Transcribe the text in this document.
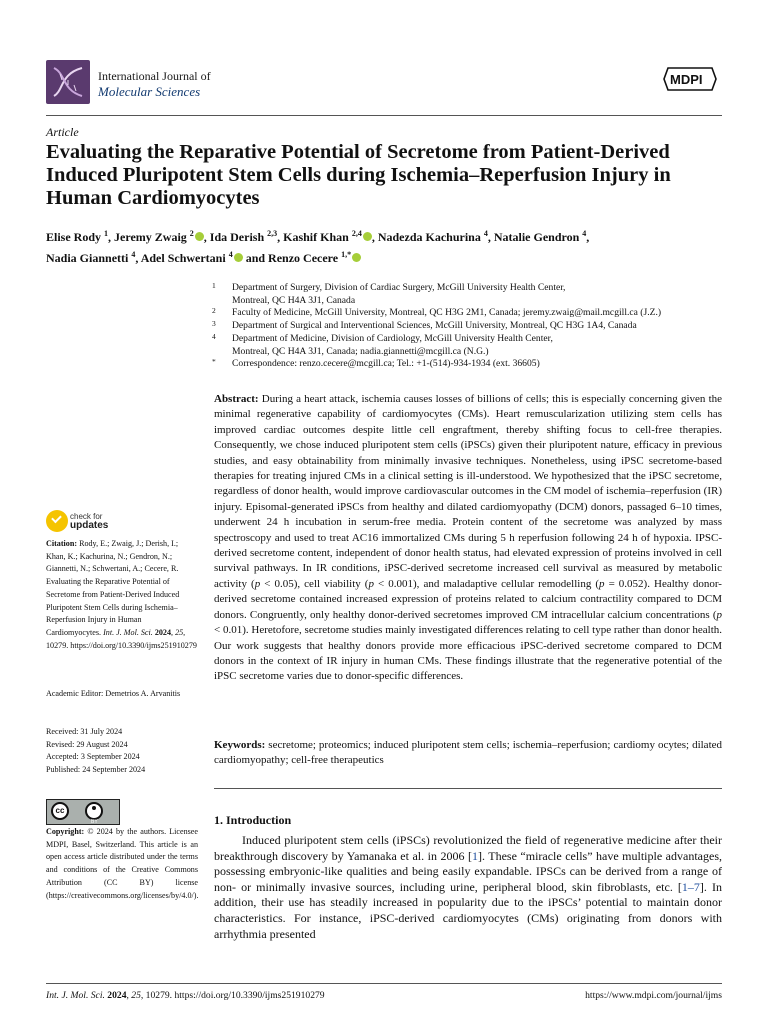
International Journal of
Molecular Sciences
MDPI
Article
Evaluating the Reparative Potential of Secretome from Patient-Derived Induced Pluripotent Stem Cells during Ischemia–Reperfusion Injury in Human Cardiomyocytes
Elise Rody $^1$, Jeremy Zwaig $^2$ , Ida Derish $^{2,3}$, Kashif Khan $^{2,4}$ , Nadezda Kachurina $^4$, Natalie Gendron $^4$,
Nadia Giannetti $^4$, Adel Schwertani $^4$ and Renzo Cecere $^{1,*}$
1 Department of Surgery, Division of Cardiac Surgery, McGill University Health Center,
Montreal, QC H4A 3J1, Canada
2 Faculty of Medicine, McGill University, Montreal, QC H3G 2M1, Canada; jeremy.zwaig@mail.mcgill.ca (J.Z.)
3 Department of Surgical and Interventional Sciences, McGill University, Montreal, QC H3G 1A4, Canada
4 Department of Medicine, Division of Cardiology, McGill University Health Center,
Montreal, QC H4A 3J1, Canada; nadia.giannetti@mcgill.ca (N.G.)
* Correspondence: renzo.cecere@mcgill.ca; Tel.: +1-(514)-934-1934 (ext. 36605)
Abstract: During a heart attack, ischemia causes losses of billions of cells; this is especially concerning given the minimal regenerative capability of cardiomyocytes (CMs). Heart remuscularization utilizing stem cells has improved cardiac outcomes despite little cell engraftment, thereby shifting focus to cell-free therapies. Consequently, we chose induced pluripotent stem cells (iPSCs) given their pluripotent nature, efficacy in previous studies, and easy obtainability from minimally invasive techniques. Nonetheless, using iPSC secretome-based therapies for treating injured CMs in a clinical setting is ill-understood. We hypothesized that the iPSC secretome, regardless of donor health, would improve cardiovascular outcomes in the CM model of ischemia–reperfusion (IR) injury. Episomal-generated iPSCs from healthy and dilated cardiomyopathy (DCM) donors, passaged 6–10 times, underwent 24 h incubation in serum-free media. Protein content of the secretome was analyzed by mass spectroscopy and used to treat AC16 immortalized CMs during 5 h reperfusion following 24 h of hypoxia. IPSC-derived secretome content, independent of donor health status, had elevated expression of proteins involved in cell survival pathways. In IR conditions, iPSC-derived secretome increased cell survival as measured by metabolic activity (p < 0.05), cell viability (p < 0.001), and maladaptive cellular remodelling (p = 0.052). Healthy donor-derived secretome contained increased expression of proteins related to calcium contractility compared to DCM donors. Congruently, only healthy donor-derived secretomes improved CM intracellular calcium concentrations (p < 0.01). Heretofore, secretome studies mainly investigated differences relating to cell type rather than donor health. Our work suggests that healthy donors provide more efficacious iPSC-derived secretome compared to DCM donors in the context of IR injury in human CMs. These findings illustrate that the regenerative potential of the iPSC secretome varies due to donor-specific differences.
Keywords: secretome; proteomics; induced pluripotent stem cells; ischemia–reperfusion; cardiomy ocytes; dilated cardiomyopathy; cell-free therapeutics
1. Introduction
Induced pluripotent stem cells (iPSCs) revolutionized the field of regenerative medicine after their breakthrough discovery by Yamanaka et al. in 2006 [1]. These “miracle cells” have multiple advantages, possessing embryonic-like qualities and being easily expandable. IPSCs can be derived from a range of non- or minimally invasive sources, including urine, peripheral blood, skin fibroblasts, etc. [1–7]. In addition, their use has steadily increased in popularity due to the iPSCs’ potential to maintain donor characteristics. For instance, iPSC-derived cardiomyocytes (CMs) originating from donors with arrhythmia presented
check for
updates
Citation: Rody, E.; Zwaig, J.; Derish, I.; Khan, K.; Kachurina, N.; Gendron, N.; Giannetti, N.; Schwertani, A.; Cecere, R. Evaluating the Reparative Potential of Secretome from Patient-Derived Induced Pluripotent Stem Cells during Ischemia–Reperfusion Injury in Human Cardiomyocytes. Int. J. Mol. Sci. 2024, 25, 10279. https://doi.org/10.3390/ijms251910279
Academic Editor: Demetrios A. Arvanitis
Received: 31 July 2024
Revised: 29 August 2024
Accepted: 3 September 2024
Published: 24 September 2024
cc
BY
Copyright: © 2024 by the authors. Licensee MDPI, Basel, Switzerland. This article is an open access article distributed under the terms and conditions of the Creative Commons Attribution (CC BY) license (https://creativecommons.org/licenses/by/4.0/).
Int. J. Mol. Sci. 2024, 25, 10279. https://doi.org/10.3390/ijms251910279	https://www.mdpi.com/journal/ijms
